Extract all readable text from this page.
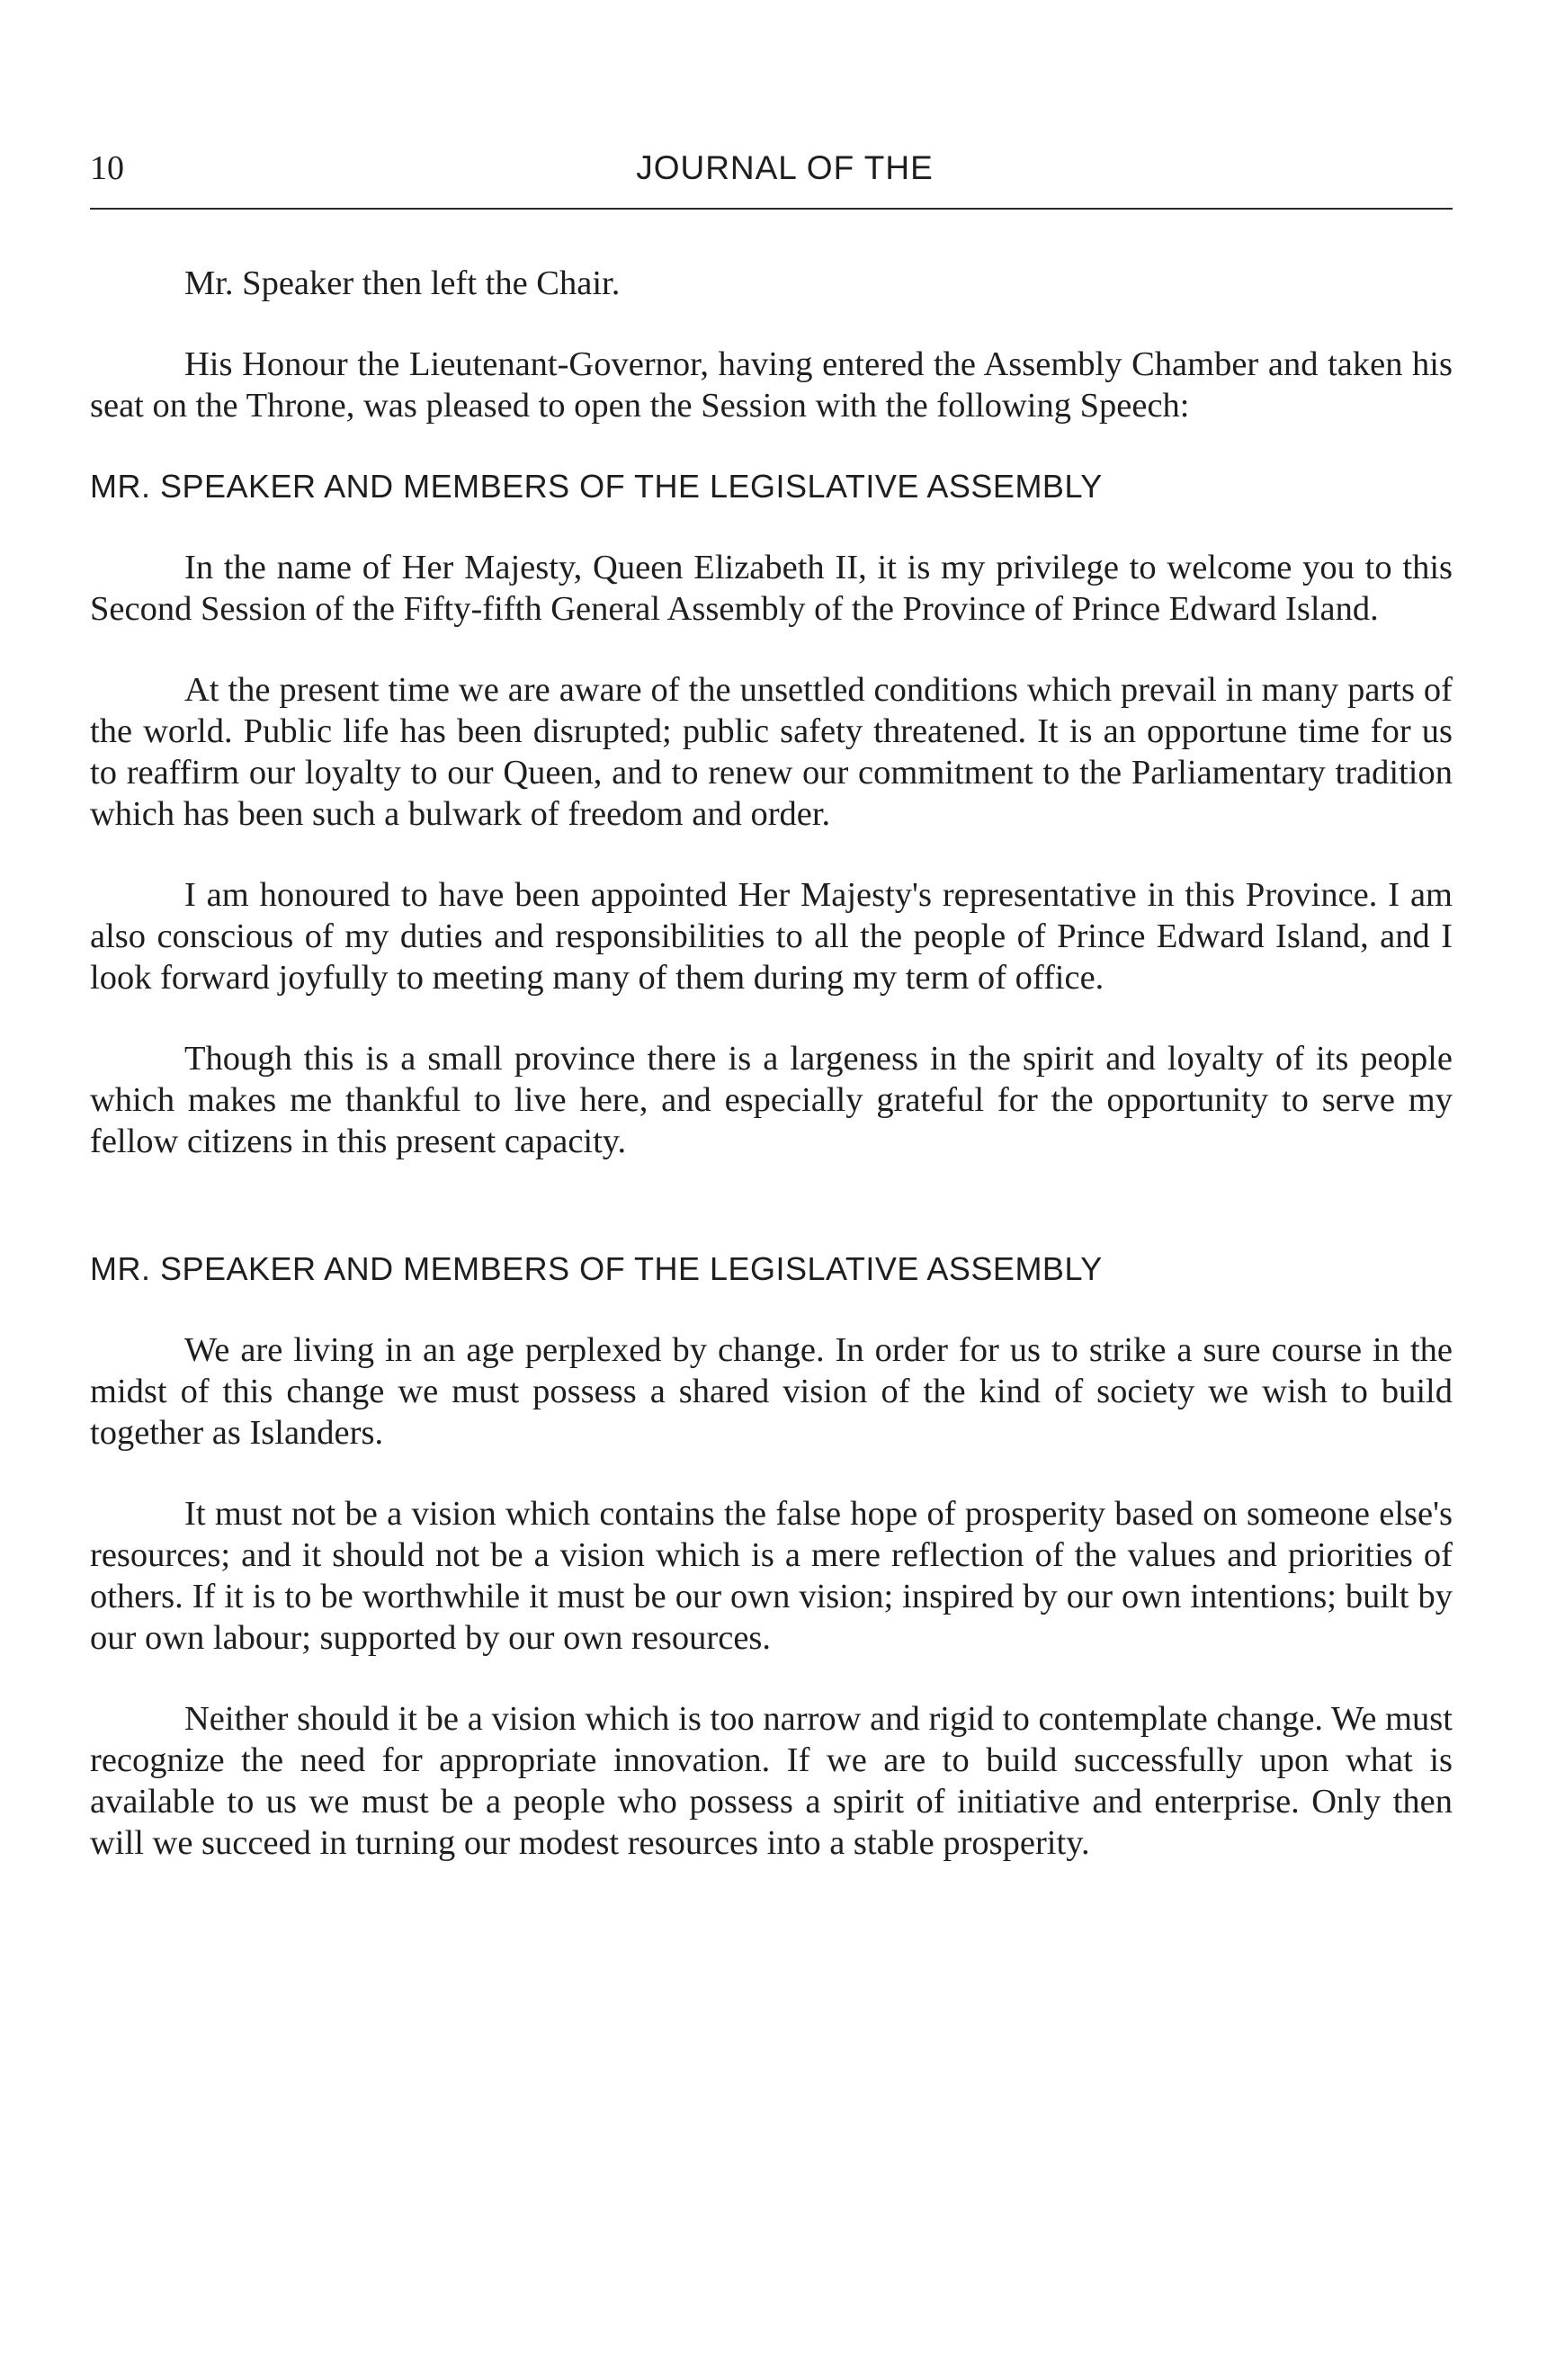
10	JOURNAL OF THE

Mr. Speaker then left the Chair.

His Honour the Lieutenant-Governor, having entered the Assembly Chamber and taken his seat on the Throne, was pleased to open the Session with the following Speech:

MR. SPEAKER AND MEMBERS OF THE LEGISLATIVE ASSEMBLY

In the name of Her Majesty, Queen Elizabeth II, it is my privilege to welcome you to this Second Session of the Fifty-fifth General Assembly of the Province of Prince Edward Island.

At the present time we are aware of the unsettled conditions which prevail in many parts of the world. Public life has been disrupted; public safety threatened. It is an opportune time for us to reaffirm our loyalty to our Queen, and to renew our commitment to the Parliamentary tradition which has been such a bulwark of freedom and order.

I am honoured to have been appointed Her Majesty's representative in this Province. I am also conscious of my duties and responsibilities to all the people of Prince Edward Island, and I look forward joyfully to meeting many of them during my term of office.

Though this is a small province there is a largeness in the spirit and loyalty of its people which makes me thankful to live here, and especially grateful for the opportunity to serve my fellow citizens in this present capacity.

MR. SPEAKER AND MEMBERS OF THE LEGISLATIVE ASSEMBLY

We are living in an age perplexed by change. In order for us to strike a sure course in the midst of this change we must possess a shared vision of the kind of society we wish to build together as Islanders.

It must not be a vision which contains the false hope of prosperity based on someone else's resources; and it should not be a vision which is a mere reflection of the values and priorities of others. If it is to be worthwhile it must be our own vision; inspired by our own intentions; built by our own labour; supported by our own resources.

Neither should it be a vision which is too narrow and rigid to contemplate change. We must recognize the need for appropriate innovation. If we are to build successfully upon what is available to us we must be a people who possess a spirit of initiative and enterprise. Only then will we succeed in turning our modest resources into a stable prosperity.
